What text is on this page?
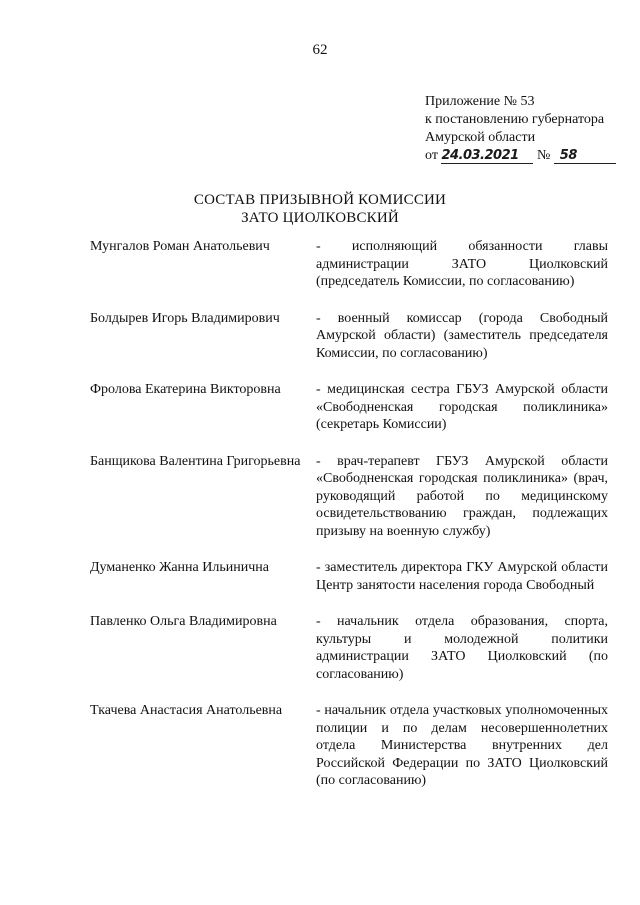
62
Приложение № 53
к постановлению губернатора
Амурской области
от 24.03.2021 № 58
СОСТАВ ПРИЗЫВНОЙ КОМИССИИ
ЗАТО ЦИОЛКОВСКИЙ
Мунгалов Роман Анатольевич	- исполняющий обязанности главы администрации ЗАТО Циолковский (председатель Комиссии, по согласованию)
Болдырев Игорь Владимирович	- военный комиссар (города Свободный Амурской области) (заместитель председателя Комиссии, по согласованию)
Фролова Екатерина Викторовна	- медицинская сестра ГБУЗ Амурской области «Свободненская городская поликлиника» (секретарь Комиссии)
Банщикова Валентина Григорьевна	- врач-терапевт ГБУЗ Амурской области «Свободненская городская поликлиника» (врач, руководящий работой по медицинскому освидетельствованию граждан, подлежащих призыву на военную службу)
Думаненко Жанна Ильинична	- заместитель директора ГКУ Амурской области Центр занятости населения города Свободный
Павленко Ольга Владимировна	- начальник отдела образования, спорта, культуры и молодежной политики администрации ЗАТО Циолковский (по согласованию)
Ткачева Анастасия Анатольевна	- начальник отдела участковых уполномоченных полиции и по делам несовершеннолетних отдела Министерства внутренних дел Российской Федерации по ЗАТО Циолковский (по согласованию)
